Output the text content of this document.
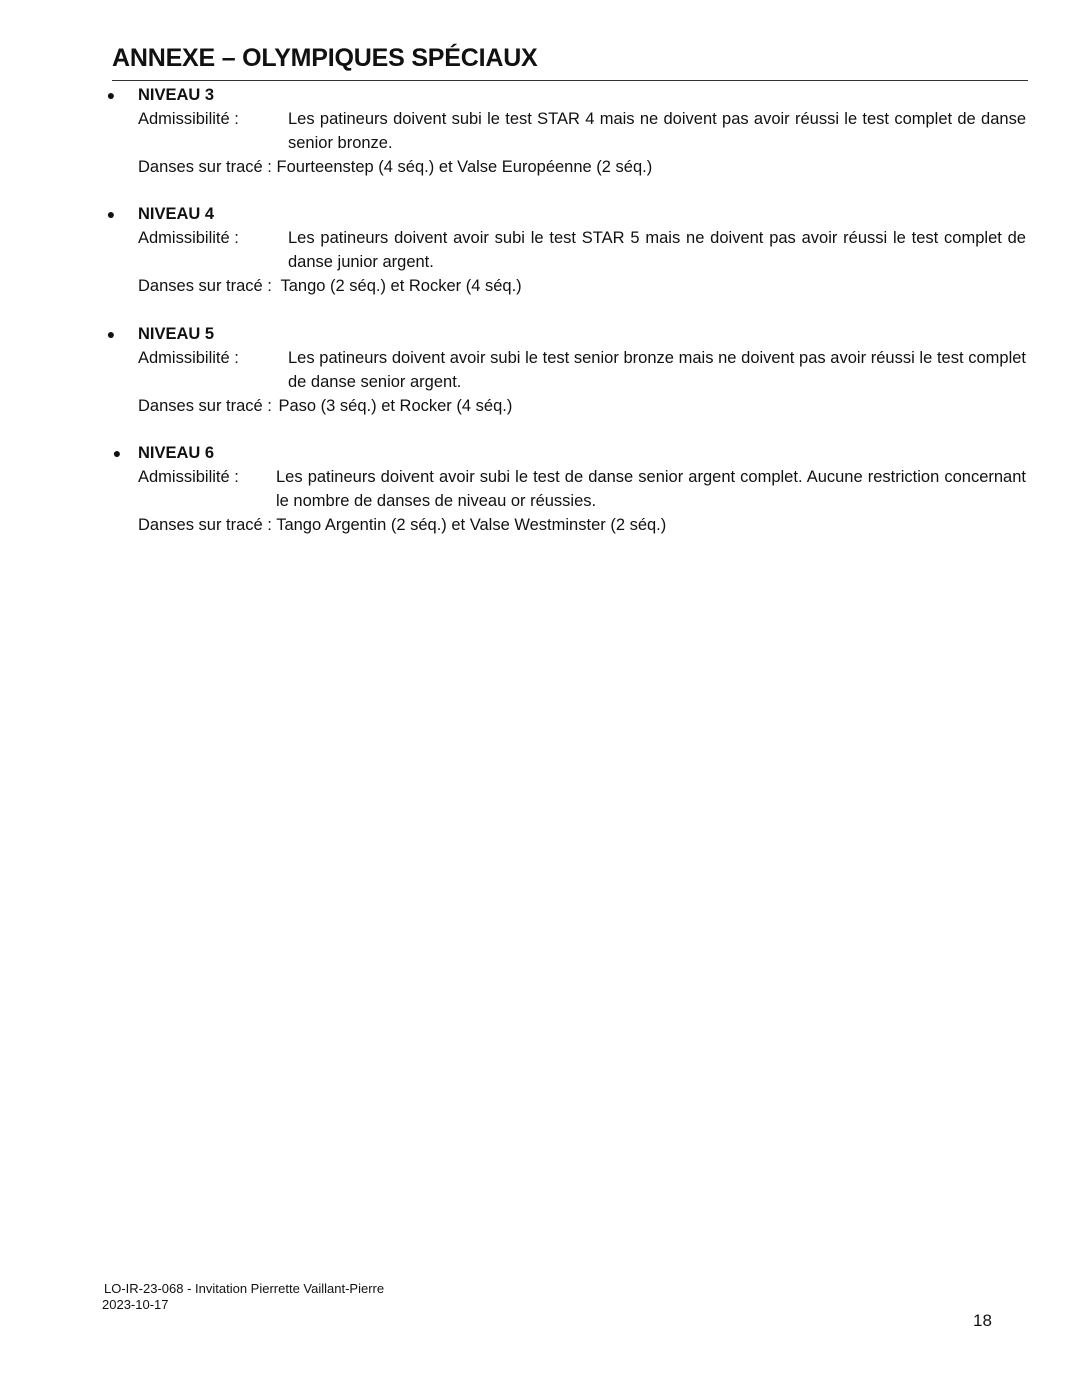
ANNEXE – OLYMPIQUES SPÉCIAUX
● NIVEAU 3
Admissibilité :	Les patineurs doivent subi le test STAR 4 mais ne doivent pas avoir réussi le test complet de danse senior bronze.
Danses sur tracé : Fourteenstep (4 séq.) et Valse Européenne (2 séq.)
● NIVEAU 4
Admissibilité :	Les patineurs doivent avoir subi le test STAR 5 mais ne doivent pas avoir réussi le test complet de danse junior argent.
Danses sur tracé : Tango (2 séq.) et Rocker (4 séq.)
● NIVEAU 5
Admissibilité :	Les patineurs doivent avoir subi le test senior bronze mais ne doivent pas avoir réussi le test complet de danse senior argent.
Danses sur tracé : Paso (3 séq.) et Rocker (4 séq.)
● NIVEAU 6
Admissibilité : Les patineurs doivent avoir subi le test de danse senior argent complet. Aucune restriction concernant le nombre de danses de niveau or réussies.
Danses sur tracé : Tango Argentin (2 séq.) et Valse Westminster (2 séq.)
LO-IR-23-068 - Invitation Pierrette Vaillant-Pierre
2023-10-17
18
